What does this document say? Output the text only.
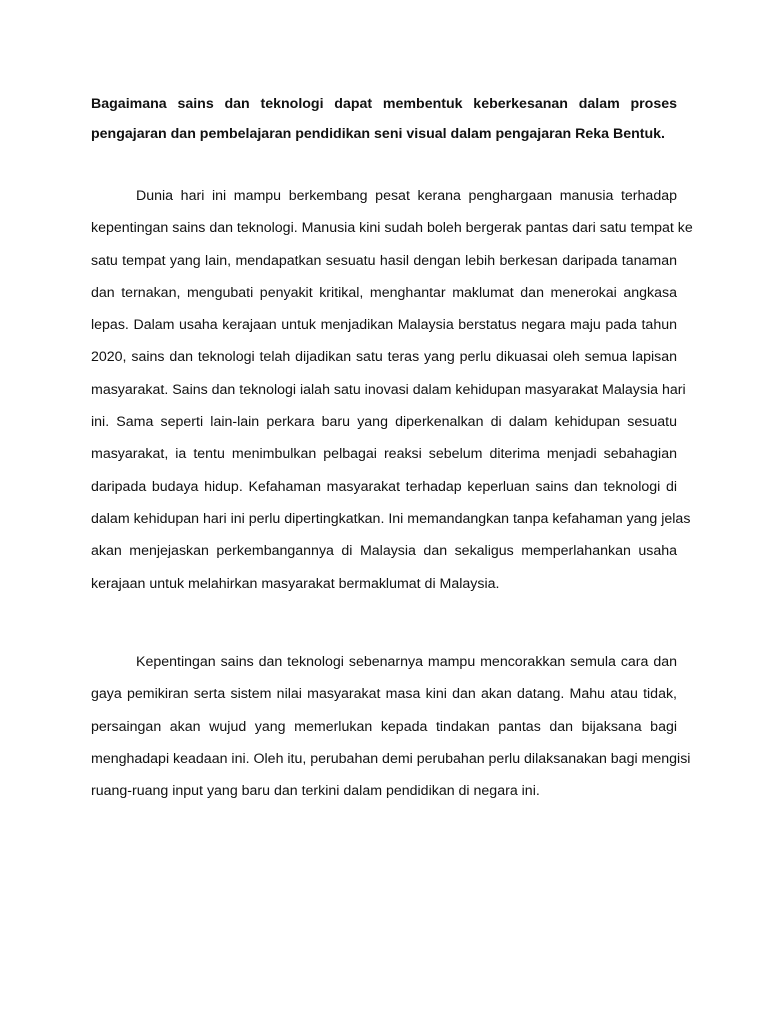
Bagaimana sains dan teknologi dapat membentuk keberkesanan dalam proses
pengajaran dan pembelajaran pendidikan seni visual dalam pengajaran Reka Bentuk.

Dunia hari ini mampu berkembang pesat kerana penghargaan manusia terhadap
kepentingan sains dan teknologi. Manusia kini sudah boleh bergerak pantas dari satu tempat ke
satu tempat yang lain, mendapatkan sesuatu hasil dengan lebih berkesan daripada tanaman
dan ternakan, mengubati penyakit kritikal, menghantar maklumat dan menerokai angkasa
lepas. Dalam usaha kerajaan untuk menjadikan Malaysia berstatus negara maju pada tahun
2020, sains dan teknologi telah dijadikan satu teras yang perlu dikuasai oleh semua lapisan
masyarakat. Sains dan teknologi ialah satu inovasi dalam kehidupan masyarakat Malaysia hari
ini. Sama seperti lain-lain perkara baru yang diperkenalkan di dalam kehidupan sesuatu
masyarakat, ia tentu menimbulkan pelbagai reaksi sebelum diterima menjadi sebahagian
daripada budaya hidup. Kefahaman masyarakat terhadap keperluan sains dan teknologi di
dalam kehidupan hari ini perlu dipertingkatkan. Ini memandangkan tanpa kefahaman yang jelas
akan menjejaskan perkembangannya di Malaysia dan sekaligus memperlahankan usaha
kerajaan untuk melahirkan masyarakat bermaklumat di Malaysia.

Kepentingan sains dan teknologi sebenarnya mampu mencorakkan semula cara dan
gaya pemikiran serta sistem nilai masyarakat masa kini dan akan datang. Mahu atau tidak,
persaingan akan wujud yang memerlukan kepada tindakan pantas dan bijaksana bagi
menghadapi keadaan ini. Oleh itu, perubahan demi perubahan perlu dilaksanakan bagi mengisi
ruang-ruang input yang baru dan terkini dalam pendidikan di negara ini.
